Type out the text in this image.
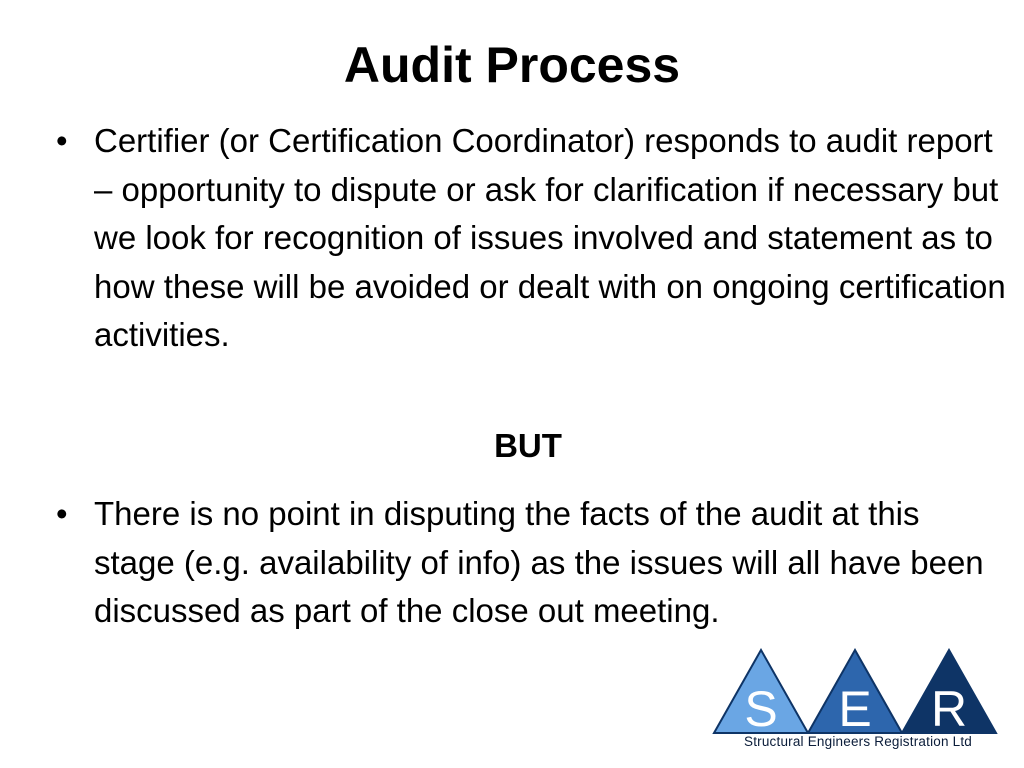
Audit Process
• Certifier (or Certification Coordinator) responds to audit report – opportunity to dispute or ask for clarification if necessary but we look for recognition of issues involved and statement as to how these will be avoided or dealt with on ongoing certification activities.
BUT
• There is no point in disputing the facts of the audit at this stage (e.g. availability of info) as the issues will all have been discussed as part of the close out meeting.
S E R
Structural Engineers Registration Ltd
